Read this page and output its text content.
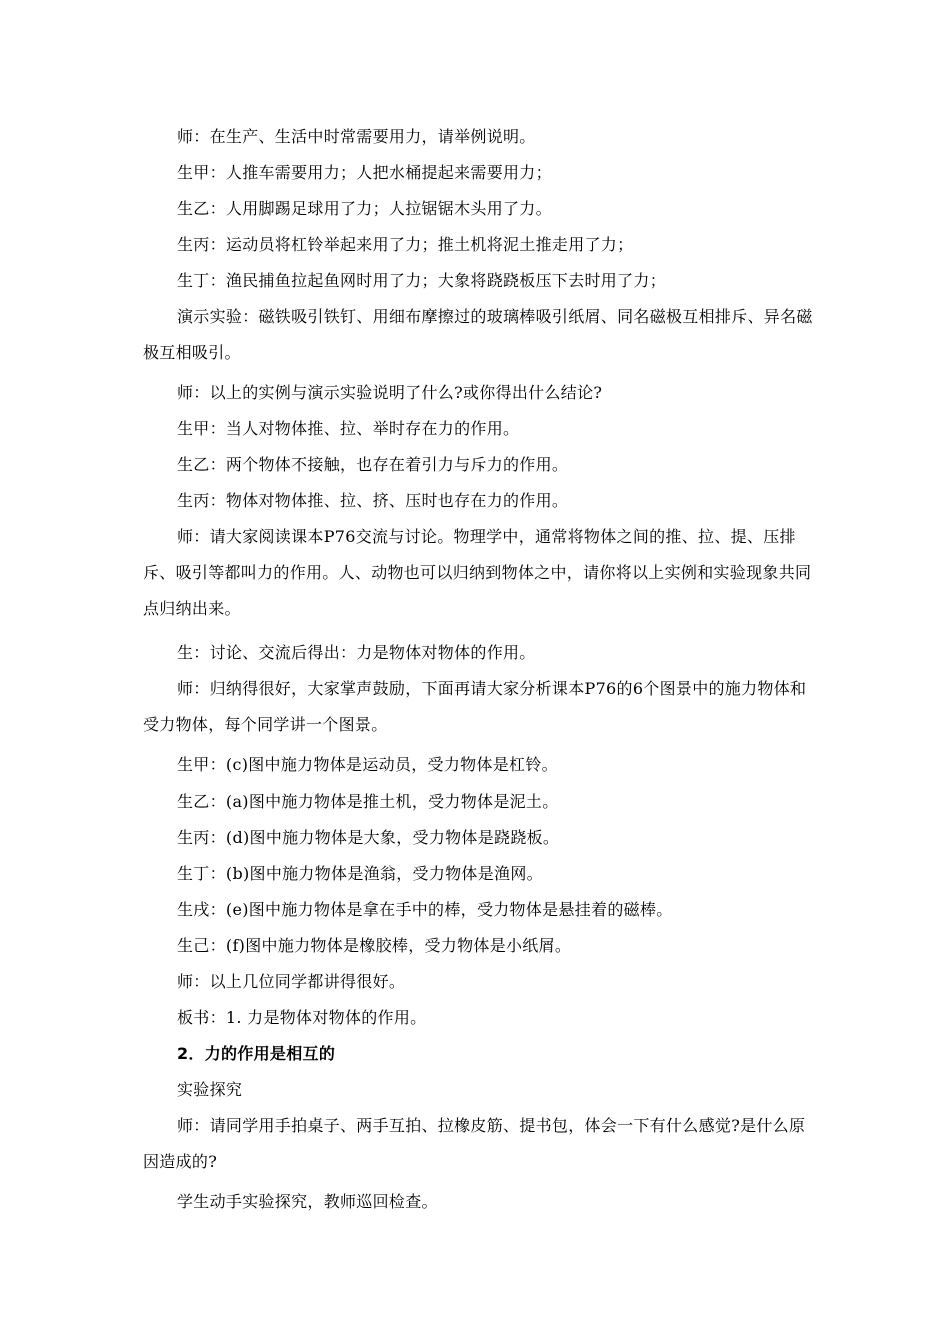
师：在生产、生活中时常需要用力，请举例说明。
生甲：人推车需要用力；人把水桶提起来需要用力；
生乙：人用脚踢足球用了力；人拉锯锯木头用了力。
生丙：运动员将杠铃举起来用了力；推土机将泥土推走用了力；
生丁：渔民捕鱼拉起鱼网时用了力；大象将跷跷板压下去时用了力；
演示实验：磁铁吸引铁钉、用细布摩擦过的玻璃棒吸引纸屑、同名磁极互相排斥、异名磁极互相吸引。
师：以上的实例与演示实验说明了什么?或你得出什么结论?
生甲：当人对物体推、拉、举时存在力的作用。
生乙：两个物体不接触，也存在着引力与斥力的作用。
生丙：物体对物体推、拉、挤、压时也存在力的作用。
师：请大家阅读课本P76交流与讨论。物理学中，通常将物体之间的推、拉、提、压排斥、吸引等都叫力的作用。人、动物也可以归纳到物体之中，请你将以上实例和实验现象共同点归纳出来。
生：讨论、交流后得出：力是物体对物体的作用。
师：归纳得很好，大家掌声鼓励，下面再请大家分析课本P76的6个图景中的施力物体和受力物体，每个同学讲一个图景。
生甲：(c)图中施力物体是运动员，受力物体是杠铃。
生乙：(a)图中施力物体是推土机，受力物体是泥土。
生丙：(d)图中施力物体是大象，受力物体是跷跷板。
生丁：(b)图中施力物体是渔翁，受力物体是渔网。
生戌：(e)图中施力物体是拿在手中的棒，受力物体是悬挂着的磁棒。
生己：(f)图中施力物体是橡胶棒，受力物体是小纸屑。
师：以上几位同学都讲得很好。
板书：1. 力是物体对物体的作用。
2．力的作用是相互的
实验探究
师：请同学用手拍桌子、两手互拍、拉橡皮筋、提书包，体会一下有什么感觉?是什么原因造成的?
学生动手实验探究，教师巡回检查。
